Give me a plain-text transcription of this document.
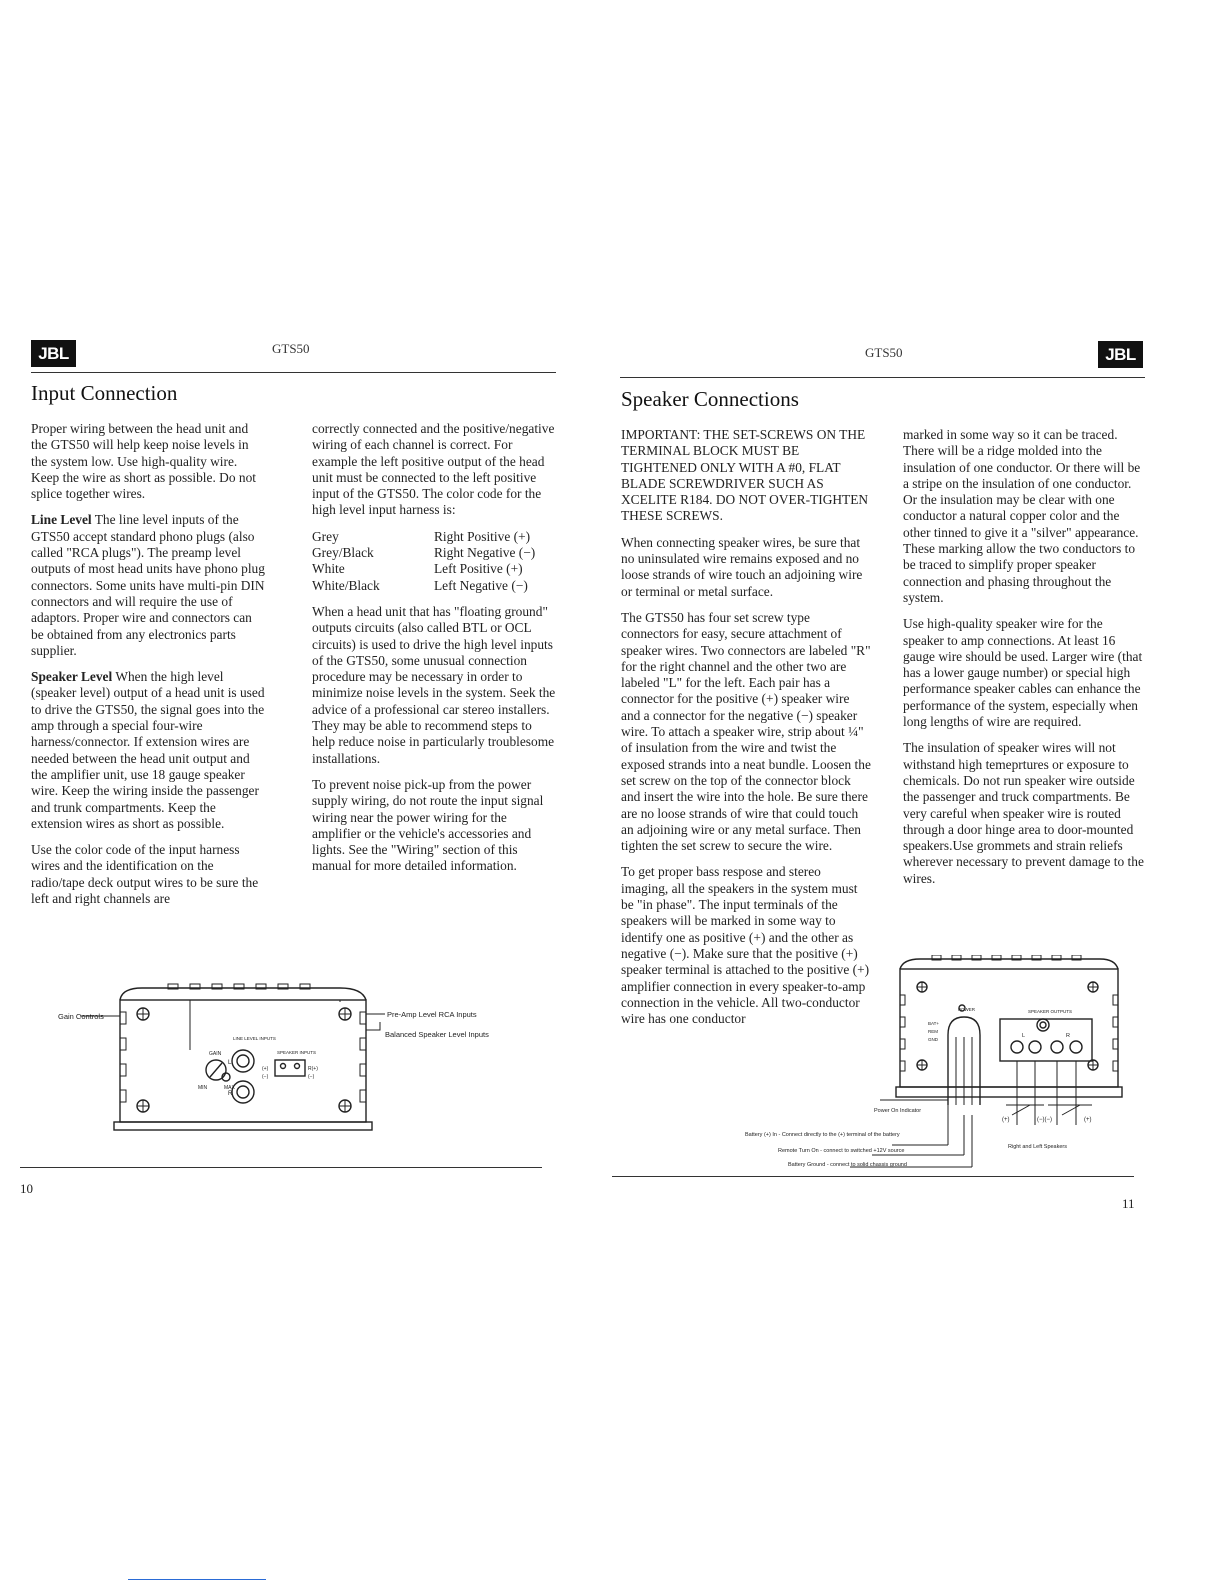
JBL	GTS50
Input Connection

Proper wiring between the head unit and the GTS50 will help keep noise levels in the system low. Use high-quality wire. Keep the wire as short as possible. Do not splice together wires.

Line Level The line level inputs of the GTS50 accept standard phono plugs (also called "RCA plugs"). The preamp level outputs of most head units have phono plug connectors. Some units have multi-pin DIN connectors and will require the use of adaptors. Proper wire and connectors can be obtained from any electronics parts supplier.

Speaker Level When the high level (speaker level) output of a head unit is used to drive the GTS50, the signal goes into the amp through a special four-wire harness/connector. If extension wires are needed between the head unit output and the amplifier unit, use 18 gauge speaker wire. Keep the wiring inside the passenger and trunk compartments. Keep the extension wires as short as possible.

Use the color code of the input harness wires and the identification on the radio/tape deck output wires to be sure the left and right channels are

correctly connected and the positive/negative wiring of each channel is correct. For example the left positive output of the head unit must be connected to the left positive input of the GTS50. The color code for the high level input harness is:

Grey	Right Positive (+)
Grey/Black	Right Negative (−)
White	Left Positive (+)
White/Black	Left Negative (−)

When a head unit that has "floating ground" outputs circuits (also called BTL or OCL circuits) is used to drive the high level inputs of the GTS50, some unusual connection procedure may be necessary in order to minimize noise levels in the system. Seek the advice of a professional car stereo installers. They may be able to recommend steps to help reduce noise in particularly troublesome installations.

To prevent noise pick-up from the power supply wiring, do not route the input signal wiring near the power wiring for the amplifier or the vehicle's accessories and lights. See the "Wiring" section of this manual for more detailed information.

Gain Controls	Pre-Amp Level RCA Inputs
Balanced Speaker Level Inputs
GAIN
MIN	MAX
LINE LEVEL INPUTS
SPEAKER INPUTS
L
R
(+)
(−)
R(+)
(−)
10
GTS50	JBL
Speaker Connections

IMPORTANT: THE SET-SCREWS ON THE TERMINAL BLOCK MUST BE TIGHTENED ONLY WITH A #0, FLAT BLADE SCREWDRIVER SUCH AS XCELITE R184. DO NOT OVER-TIGHTEN THESE SCREWS.

When connecting speaker wires, be sure that no uninsulated wire remains exposed and no loose strands of wire touch an adjoining wire or terminal or metal surface.

The GTS50 has four set screw type connectors for easy, secure attachment of speaker wires. Two connectors are labeled "R" for the right channel and the other two are labeled "L" for the left. Each pair has a connector for the positive (+) speaker wire and a connector for the negative (−) speaker wire. To attach a speaker wire, strip about ¼" of insulation from the wire and twist the exposed strands into a neat bundle. Loosen the set screw on the top of the connector block and insert the wire into the hole. Be sure there are no loose strands of wire that could touch an adjoining wire or any metal surface. Then tighten the set screw to secure the wire.

To get proper bass respose and stereo imaging, all the speakers in the system must be "in phase". The input terminals of the speakers will be marked in some way to identify one as positive (+) and the other as negative (−). Make sure that the positive (+) speaker terminal is attached to the positive (+) amplifier connection in every speaker-to-amp connection in the vehicle. All two-conductor wire has one conductor

marked in some way so it can be traced. There will be a ridge molded into the insulation of one conductor. Or there will be a stripe on the insulation of one conductor. Or the insulation may be clear with one conductor a natural copper color and the other tinned to give it a "silver" appearance. These marking allow the two conductors to be traced to simplify proper speaker connection and phasing throughout the system.

Use high-quality speaker wire for the speaker to amp connections. At least 16 gauge wire should be used. Larger wire (that has a lower gauge number) or special high performance speaker cables can enhance the performance of the system, especially when long lengths of wire are required.

The insulation of speaker wires will not withstand high temeprtures or exposure to chemicals. Do not run speaker wire outside the passenger and truck compartments. Be very careful when speaker wire is routed through a door hinge area to door-mounted speakers.Use grommets and strain reliefs wherever necessary to prevent damage to the wires.

POWER	SPEAKER OUTPUTS
BAT+
REM
GND
L	R
Power On Indicator
Battery (+) In - Connect directly to the (+) terminal of the battery
Remote Turn On - connect to switched +12V source
Battery Ground - connect to solid chassis ground
(+)	(−)(−)	(+)
Right and Left Speakers
11
